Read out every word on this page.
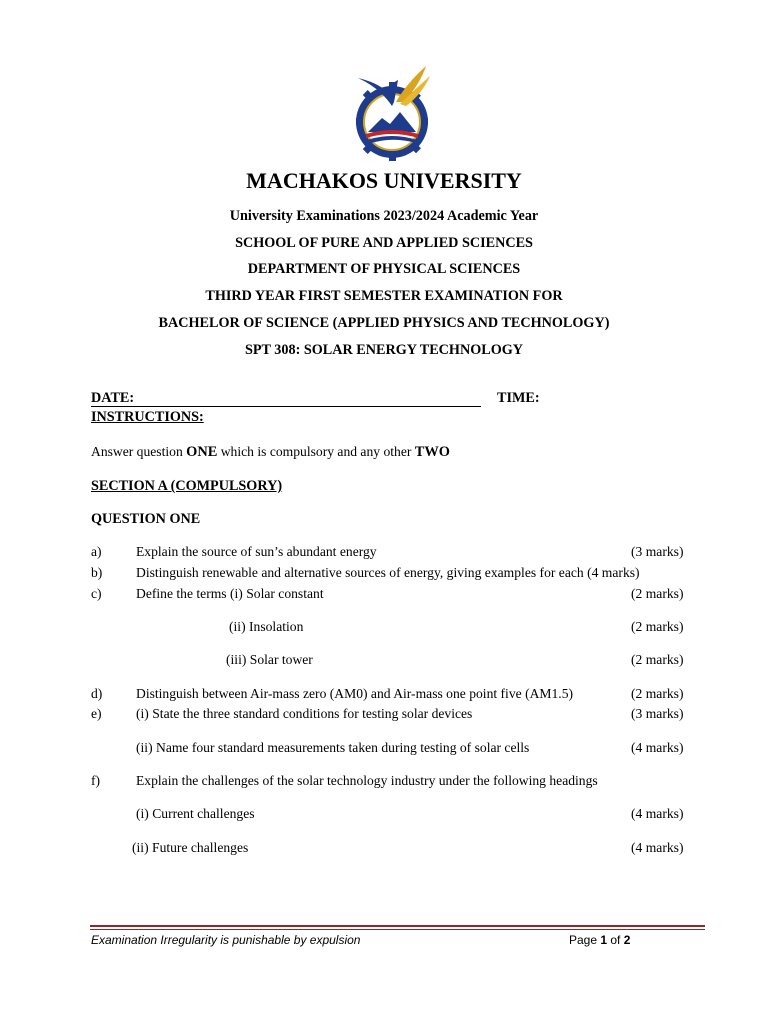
MACHAKOS UNIVERSITY
University Examinations 2023/2024 Academic Year
SCHOOL OF PURE AND APPLIED SCIENCES
DEPARTMENT OF PHYSICAL SCIENCES
THIRD YEAR FIRST SEMESTER EXAMINATION FOR
BACHELOR OF SCIENCE (APPLIED PHYSICS AND TECHNOLOGY)
SPT 308: SOLAR ENERGY TECHNOLOGY
DATE:	TIME:
INSTRUCTIONS:
Answer question ONE which is compulsory and any other TWO
SECTION A (COMPULSORY)
QUESTION ONE
a)	Explain the source of sun’s abundant energy	(3 marks)
b) Distinguish renewable and alternative sources of energy, giving examples for each (4 marks)
c)	Define the terms (i) Solar constant	(2 marks)
(ii) Insolation	(2 marks)
(iii) Solar tower	(2 marks)
d) Distinguish between Air-mass zero (AM0) and Air-mass one point five (AM1.5)	(2 marks)
e)	(i) State the three standard conditions for testing solar devices	(3 marks)
(ii) Name four standard measurements taken during testing of solar cells	(4 marks)
f)	Explain the challenges of the solar technology industry under the following headings
(i) Current challenges	(4 marks)
(ii) Future challenges	(4 marks)
Examination Irregularity is punishable by expulsion	Page 1 of 2
